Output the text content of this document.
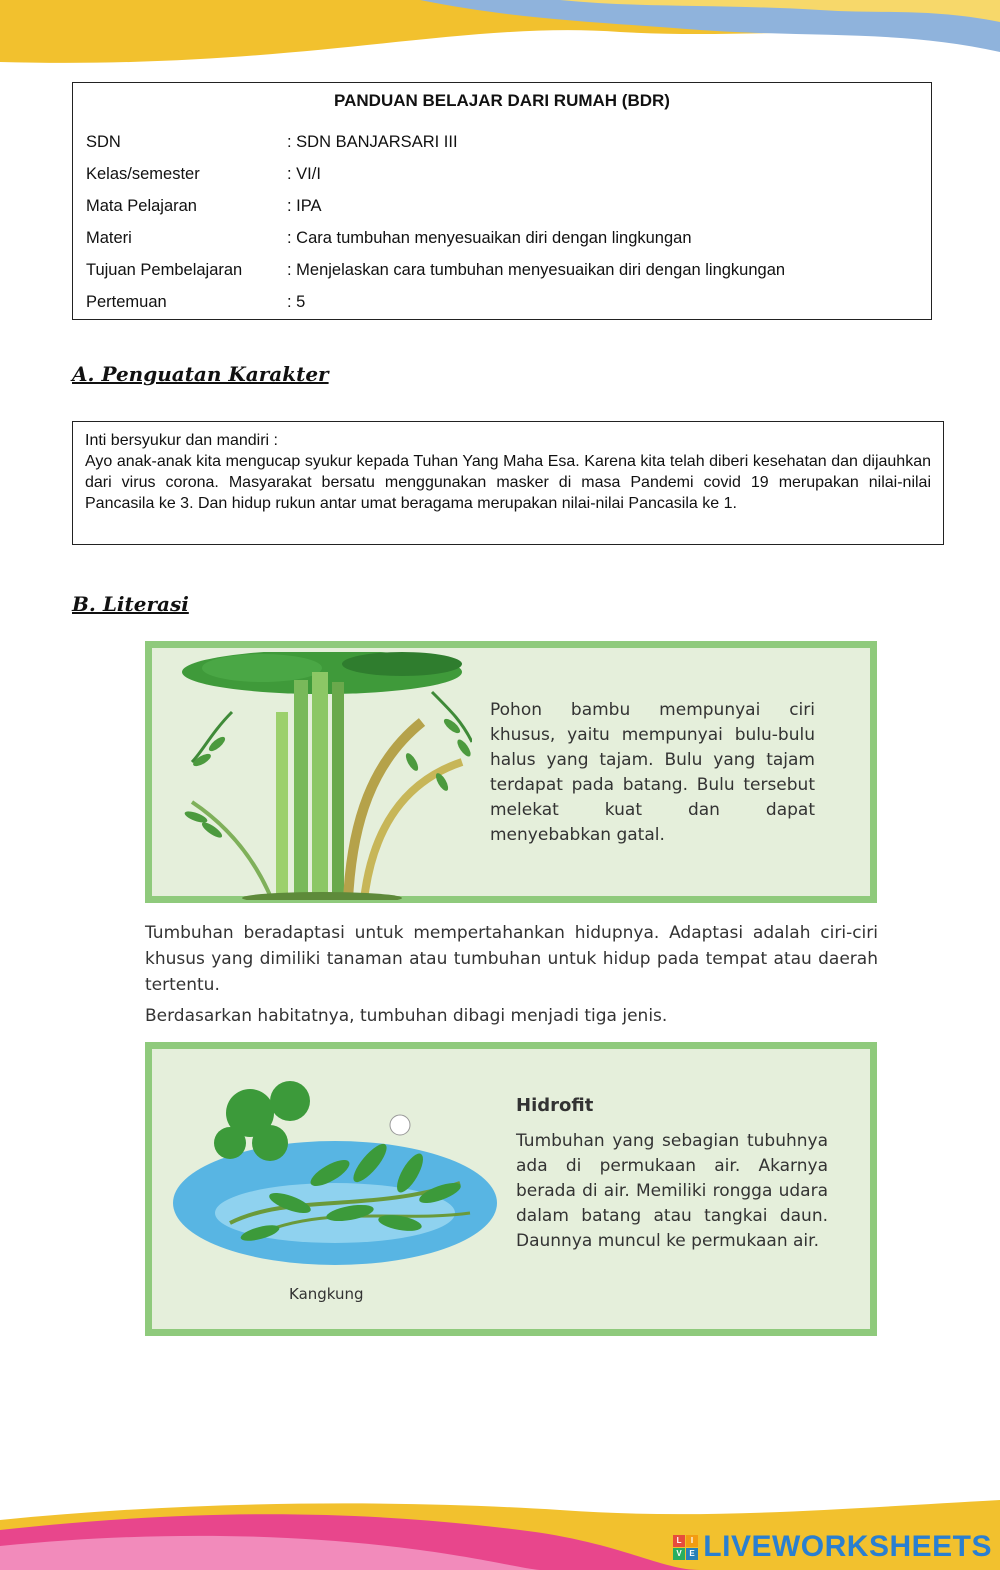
PANDUAN BELAJAR DARI RUMAH (BDR)
SDN	: SDN BANJARSARI III
Kelas/semester	: VI/I
Mata Pelajaran	: IPA
Materi	: Cara tumbuhan menyesuaikan diri dengan lingkungan
Tujuan Pembelajaran	: Menjelaskan cara tumbuhan menyesuaikan diri dengan lingkungan
Pertemuan	: 5
A. Penguatan Karakter
Inti bersyukur dan mandiri :
Ayo anak-anak kita mengucap syukur kepada Tuhan Yang Maha Esa. Karena kita telah diberi kesehatan dan dijauhkan dari virus corona. Masyarakat bersatu menggunakan masker di masa Pandemi covid 19 merupakan nilai-nilai Pancasila ke 3. Dan hidup rukun antar umat beragama merupakan nilai-nilai Pancasila ke 1.
B. Literasi
Pohon bambu mempunyai ciri khusus, yaitu mempunyai bulu-bulu halus yang tajam. Bulu yang tajam terdapat pada batang. Bulu tersebut melekat kuat dan dapat menyebabkan gatal.
Tumbuhan beradaptasi untuk mempertahankan hidupnya. Adaptasi adalah ciri-ciri khusus yang dimiliki tanaman atau tumbuhan untuk hidup pada tempat atau daerah tertentu.
Berdasarkan habitatnya, tumbuhan dibagi menjadi tiga jenis.
Kangkung
Hidrofit
Tumbuhan yang sebagian tubuhnya ada di permukaan air. Akarnya berada di air. Memiliki rongga udara dalam batang atau tangkai daun. Daunnya muncul ke permukaan air.
L	I
V E LIVEWORKSHEETS
